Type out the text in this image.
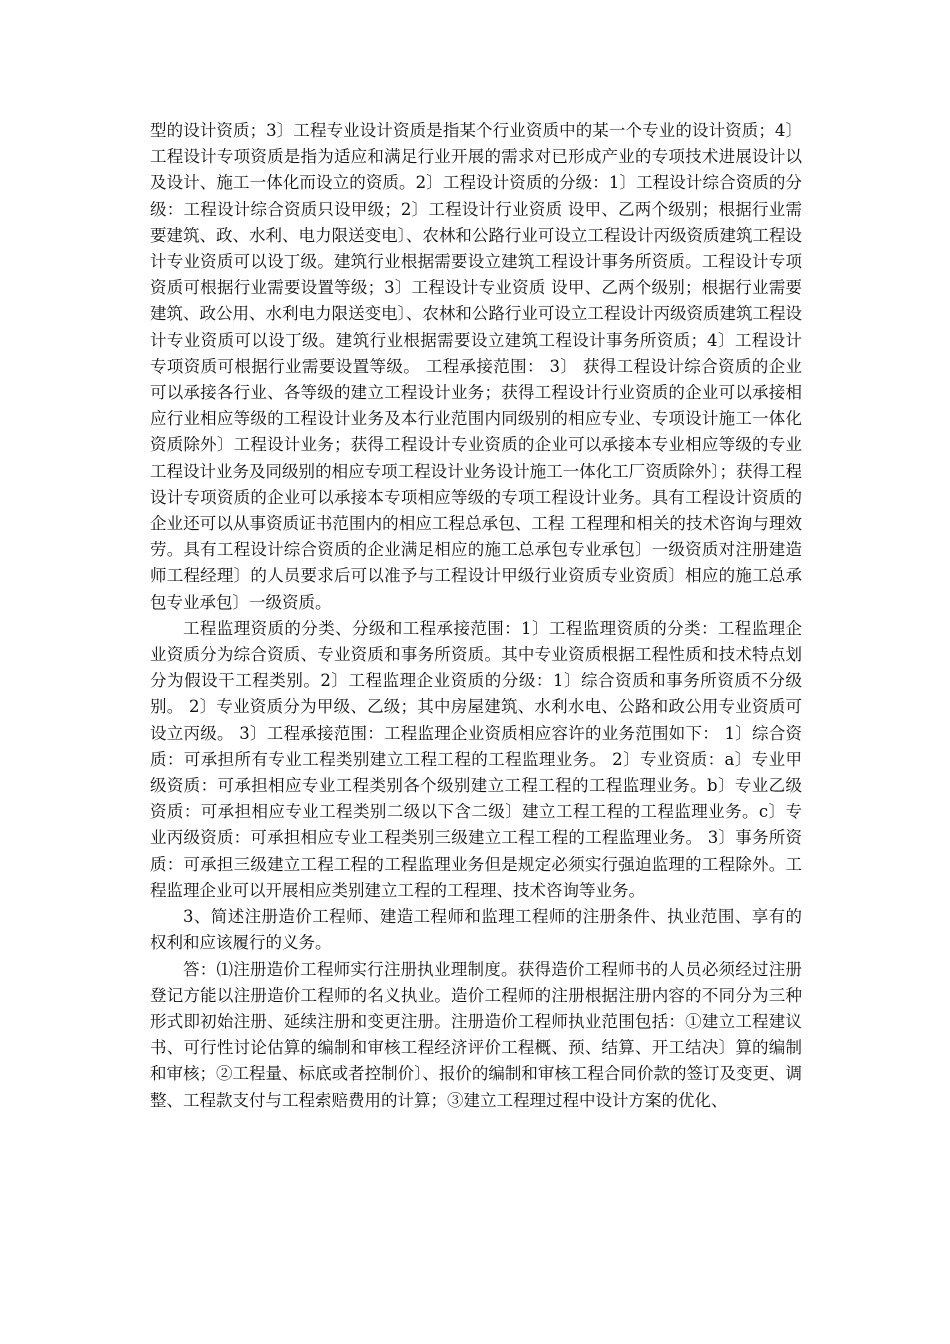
型的设计资质；3〕工程专业设计资质是指某个行业资质中的某一个专业的设计资质；4〕工程设计专项资质是指为适应和满足行业开展的需求对已形成产业的专项技术进展设计以及设计、施工一体化而设立的资质。2〕工程设计资质的分级：1〕工程设计综合资质的分级：工程设计综合资质只设甲级；2〕工程设计行业资质 设甲、乙两个级别；根据行业需要建筑、政、水利、电力限送变电〕、农林和公路行业可设立工程设计丙级资质建筑工程设计专业资质可以设丁级。建筑行业根据需要设立建筑工程设计事务所资质。工程设计专项资质可根据行业需要设置等级；3〕工程设计专业资质 设甲、乙两个级别；根据行业需要建筑、政公用、水利电力限送变电〕、农林和公路行业可设立工程设计丙级资质建筑工程设计专业资质可以设丁级。建筑行业根据需要设立建筑工程设计事务所资质；4〕工程设计专项资质可根据行业需要设置等级。 工程承接范围： 3〕 获得工程设计综合资质的企业可以承接各行业、各等级的建立工程设计业务；获得工程设计行业资质的企业可以承接相应行业相应等级的工程设计业务及本行业范围内同级别的相应专业、专项设计施工一体化资质除外〕工程设计业务；获得工程设计专业资质的企业可以承接本专业相应等级的专业工程设计业务及同级别的相应专项工程设计业务设计施工一体化工厂资质除外〕；获得工程设计专项资质的企业可以承接本专项相应等级的专项工程设计业务。具有工程设计资质的企业还可以从事资质证书范围内的相应工程总承包、工程 工程理和相关的技术咨询与理效劳。具有工程设计综合资质的企业满足相应的施工总承包专业承包〕一级资质对注册建造师工程经理〕的人员要求后可以准予与工程设计甲级行业资质专业资质〕相应的施工总承包专业承包〕一级资质。

工程监理资质的分类、分级和工程承接范围：1〕工程监理资质的分类：工程监理企业资质分为综合资质、专业资质和事务所资质。其中专业资质根据工程性质和技术特点划分为假设干工程类别。2〕工程监理企业资质的分级：1〕综合资质和事务所资质不分级别。 2〕专业资质分为甲级、乙级；其中房屋建筑、水利水电、公路和政公用专业资质可设立丙级。 3〕工程承接范围：工程监理企业资质相应容许的业务范围如下： 1〕综合资质：可承担所有专业工程类别建立工程工程的工程监理业务。 2〕专业资质：a〕专业甲级资质：可承担相应专业工程类别各个级别建立工程工程的工程监理业务。b〕专业乙级资质：可承担相应专业工程类别二级以下含二级〕建立工程工程的工程监理业务。c〕专业丙级资质：可承担相应专业工程类别三级建立工程工程的工程监理业务。 3〕事务所资质：可承担三级建立工程工程的工程监理业务但是规定必须实行强迫监理的工程除外。工程监理企业可以开展相应类别建立工程的工程理、技术咨询等业务。

3、简述注册造价工程师、建造工程师和监理工程师的注册条件、执业范围、享有的权利和应该履行的义务。

答：⑴注册造价工程师实行注册执业理制度。获得造价工程师书的人员必须经过注册登记方能以注册造价工程师的名义执业。造价工程师的注册根据注册内容的不同分为三种形式即初始注册、延续注册和变更注册。注册造价工程师执业范围包括：①建立工程建议书、可行性讨论估算的编制和审核工程经济评价工程概、预、结算、开工结决〕算的编制和审核；②工程量、标底或者控制价〕、报价的编制和审核工程合同价款的签订及变更、调整、工程款支付与工程索赔费用的计算；③建立工程理过程中设计方案的优化、
